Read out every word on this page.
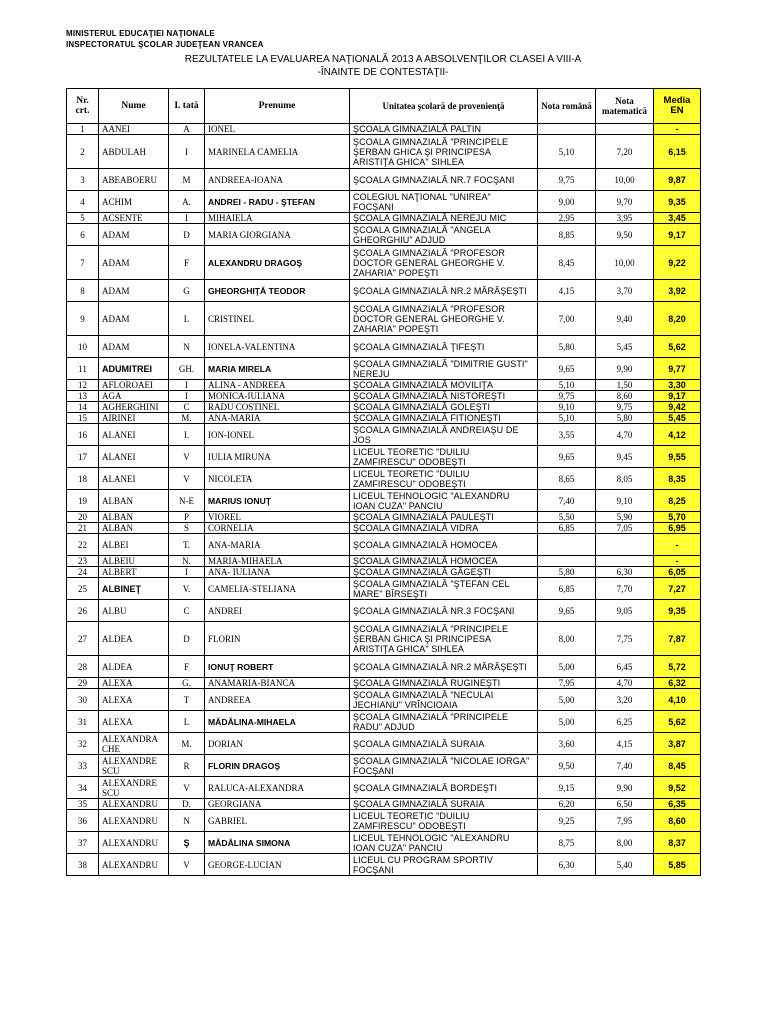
MINISTERUL EDUCAŢIEI NAŢIONALE
INSPECTORATUL ŞCOLAR JUDEŢEAN VRANCEA
REZULTATELE LA EVALUAREA NAŢIONALĂ 2013 A ABSOLVENŢILOR CLASEI A VIII-A
-ÎNAINTE DE CONTESTAŢII-
Nr. crt.	Nume	I. tată	Prenume	Unitatea şcolară de provenienţă	Nota română	Nota matematică	Media EN
1	AANEI	A	IONEL	ŞCOALA GIMNAZIALĂ PALTIN			-
2	ABDULAH	I	MARINELA CAMELIA	ŞCOALA GIMNAZIALĂ "PRINCIPELE ŞERBAN GHICA ŞI PRINCIPESA ARISTIŢA GHICA" SIHLEA	5,10	7,20	6,15
3	ABEABOERU	M	ANDREEA-IOANA	ŞCOALA GIMNAZIALĂ NR.7 FOCŞANI	9,75	10,00	9,87
4	ACHIM	A.	ANDREI - RADU - ŞTEFAN	COLEGIUL NAŢIONAL "UNIREA" FOCŞANI	9,00	9,70	9,35
5	ACSENTE	I	MIHAIELA	ŞCOALA GIMNAZIALĂ NEREJU MIC	2,95	3,95	3,45
6	ADAM	D	MARIA GIORGIANA	ŞCOALA GIMNAZIALĂ "ANGELA GHEORGHIU" ADJUD	8,85	9,50	9,17
7	ADAM	F	ALEXANDRU DRAGOŞ	ŞCOALA GIMNAZIALĂ "PROFESOR DOCTOR GENERAL GHEORGHE V. ZAHARIA" POPEŞTI	8,45	10,00	9,22
8	ADAM	G	GHEORGHIŢĂ TEODOR	ŞCOALA GIMNAZIALĂ NR.2 MĂRĂŞEŞTI	4,15	3,70	3,92
9	ADAM	L	CRISTINEL	ŞCOALA GIMNAZIALĂ "PROFESOR DOCTOR GENERAL GHEORGHE V. ZAHARIA" POPEŞTI	7,00	9,40	8,20
10	ADAM	N	IONELA-VALENTINA	ŞCOALA GIMNAZIALĂ ŢIFEŞTI	5,80	5,45	5,62
11	ADUMITREI	GH.	MARIA MIRELA	ŞCOALA GIMNAZIALĂ "DIMITRIE GUSTI" NEREJU	9,65	9,90	9,77
12	AFLOROAEI	I	ALINA - ANDREEA	ŞCOALA GIMNAZIALĂ MOVILIŢA	5,10	1,50	3,30
13	AGA	I	MONICA-IULIANA	ŞCOALA GIMNAZIALĂ NISTOREŞTI	9,75	8,60	9,17
14	AGHERGHINI	C	RADU COSTINEL	ŞCOALA GIMNAZIALĂ GOLEŞTI	9,10	9,75	9,42
15	AIRINEI	M.	ANA-MARIA	ŞCOALA GIMNAZIALĂ FITIONEŞTI	5,10	5,80	5,45
16	ALANEI	I.	ION-IONEL	ŞCOALA GIMNAZIALĂ ANDREIAŞU DE JOS	3,55	4,70	4,12
17	ALANEI	V	IULIA MIRUNA	LICEUL TEORETIC "DUILIU ZAMFIRESCU" ODOBEŞTI	9,65	9,45	9,55
18	ALANEI	V	NICOLETA	LICEUL TEORETIC "DUILIU ZAMFIRESCU" ODOBEŞTI	8,65	8,05	8,35
19	ALBAN	N-E	MARIUS IONUŢ	LICEUL TEHNOLOGIC "ALEXANDRU IOAN CUZA" PANCIU	7,40	9,10	8,25
20	ALBAN	P	VIOREL	ŞCOALA GIMNAZIALĂ PAULEŞTI	5,50	5,90	5,70
21	ALBAN	S	CORNELIA	ŞCOALA GIMNAZIALĂ VIDRA	6,85	7,05	6,95
22	ALBEI	T.	ANA-MARIA	ŞCOALA GIMNAZIALĂ HOMOCEA			-
23	ALBEIU	N.	MARIA-MIHAELA	ŞCOALA GIMNAZIALĂ HOMOCEA			-
24	ALBERT	I	ANA- IULIANA	ŞCOALA GIMNAZIALĂ GĂGEŞTI	5,80	6,30	6,05
25	ALBINEŢ	V.	CAMELIA-STELIANA	ŞCOALA GIMNAZIALĂ "ŞTEFAN CEL MARE" BÎRSEŞTI	6,85	7,70	7,27
26	ALBU	C	ANDREI	ŞCOALA GIMNAZIALĂ NR.3 FOCŞANI	9,65	9,05	9,35
27	ALDEA	D	FLORIN	ŞCOALA GIMNAZIALĂ "PRINCIPELE ŞERBAN GHICA ŞI PRINCIPESA ARISTIŢA GHICA" SIHLEA	8,00	7,75	7,87
28	ALDEA	F	IONUŢ ROBERT	ŞCOALA GIMNAZIALĂ NR.2 MĂRĂŞEŞTI	5,00	6,45	5,72
29	ALEXA	G.	ANAMARIA-BIANCA	ŞCOALA GIMNAZIALĂ RUGINEŞTI	7,95	4,70	6,32
30	ALEXA	T	ANDREEA	ŞCOALA GIMNAZIALĂ "NECULAI JECHIANU" VRÎNCIOAIA	5,00	3,20	4,10
31	ALEXA	L	MĂDĂLINA-MIHAELA	ŞCOALA GIMNAZIALĂ "PRINCIPELE RADU" ADJUD	5,00	6,25	5,62
32	ALEXANDRA CHE	M.	DORIAN	ŞCOALA GIMNAZIALĂ SURAIA	3,60	4,15	3,87
33	ALEXANDRE SCU	R	FLORIN DRAGOŞ	ŞCOALA GIMNAZIALĂ "NICOLAE IORGA" FOCŞANI	9,50	7,40	8,45
34	ALEXANDRE SCU	V	RALUCA-ALEXANDRA	ŞCOALA GIMNAZIALĂ BORDEŞTI	9,15	9,90	9,52
35	ALEXANDRU	D.	GEORGIANA	ŞCOALA GIMNAZIALĂ SURAIA	6,20	6,50	6,35
36	ALEXANDRU	N	GABRIEL	LICEUL TEORETIC "DUILIU ZAMFIRESCU" ODOBEŞTI	9,25	7,95	8,60
37	ALEXANDRU	Ş	MĂDĂLINA SIMONA	LICEUL TEHNOLOGIC "ALEXANDRU IOAN CUZA" PANCIU	8,75	8,00	8,37
38	ALEXANDRU	V	GEORGE-LUCIAN	LICEUL CU PROGRAM SPORTIV FOCŞANI	6,30	5,40	5,85
